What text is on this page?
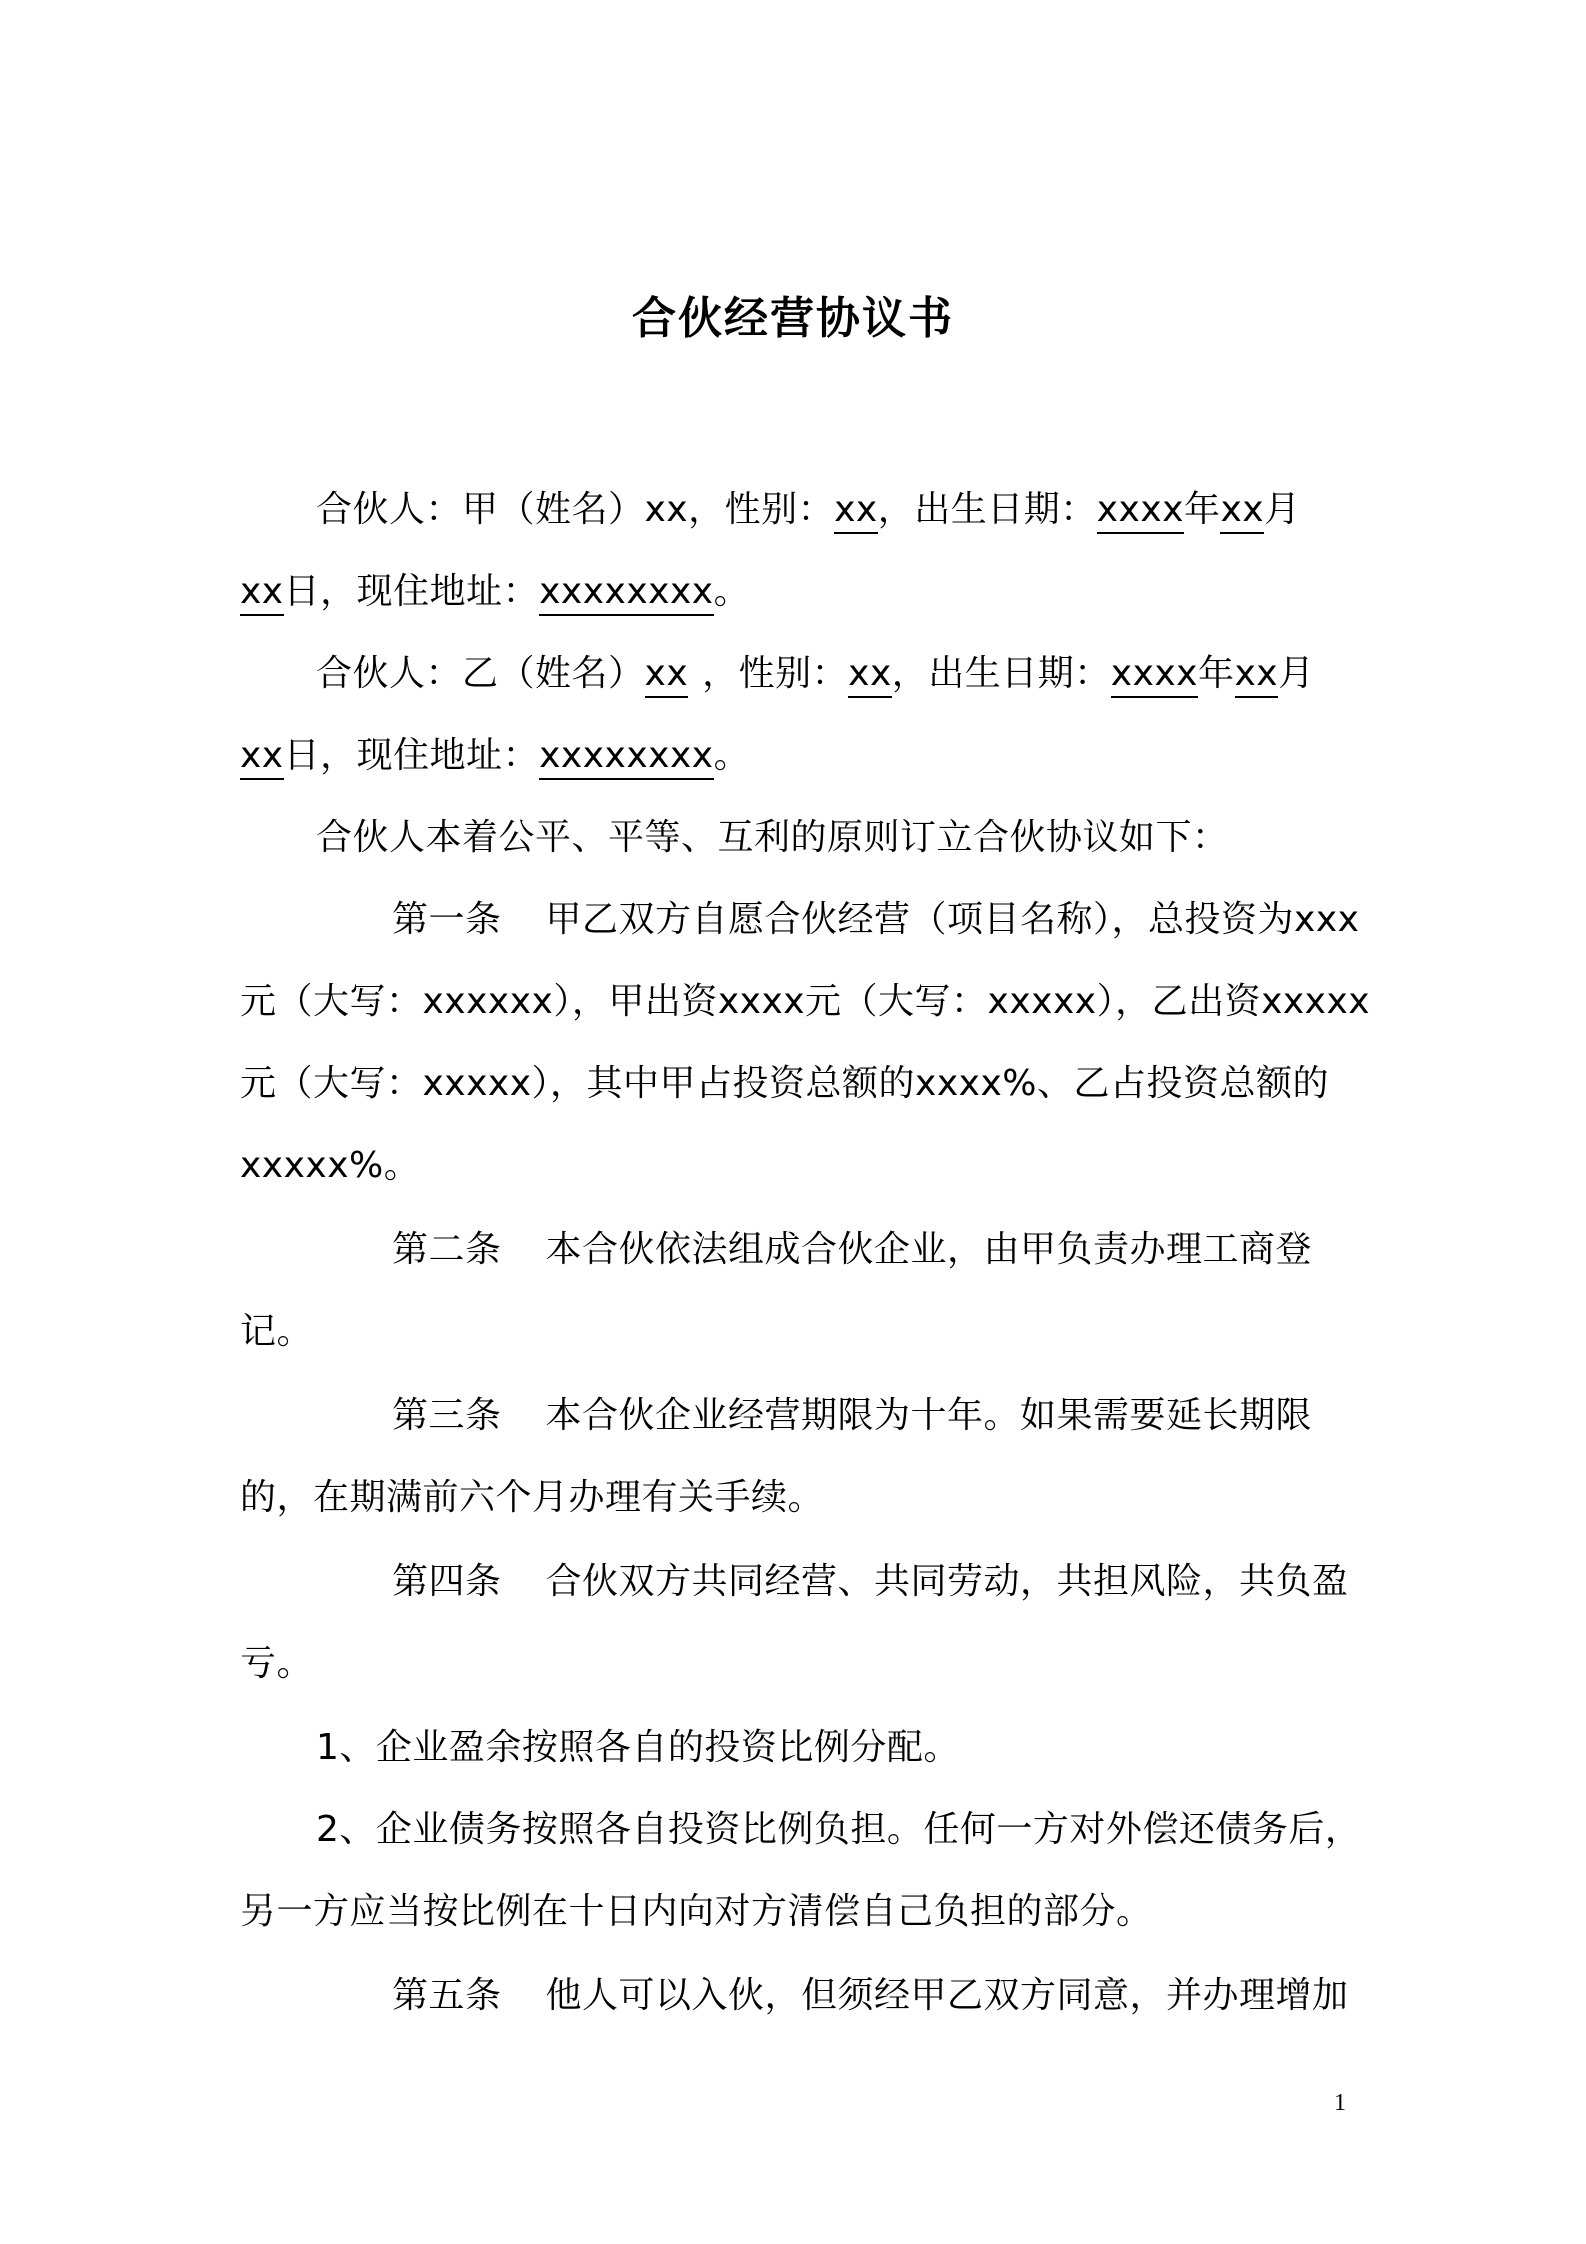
合伙经营协议书
合伙人：甲（姓名）xx，性别：xx，出生日期：xxxx年xx月
xx日，现住地址：xxxxxxxx。
合伙人：乙（姓名）xx ，性别：xx，出生日期：xxxx年xx月
xx日，现住地址：xxxxxxxx。
合伙人本着公平、平等、互利的原则订立合伙协议如下：
第一条 甲乙双方自愿合伙经营（项目名称），总投资为xxx
元（大写：xxxxxx），甲出资xxxx元（大写：xxxxx），乙出资xxxxx
元（大写：xxxxx），其中甲占投资总额的xxxx%、乙占投资总额的
xxxxx%。
第二条 本合伙依法组成合伙企业，由甲负责办理工商登
记。
第三条 本合伙企业经营期限为十年。如果需要延长期限
的，在期满前六个月办理有关手续。
第四条 合伙双方共同经营、共同劳动，共担风险，共负盈
亏。
1、企业盈余按照各自的投资比例分配。
2、企业债务按照各自投资比例负担。任何一方对外偿还债务后，
另一方应当按比例在十日内向对方清偿自己负担的部分。
第五条 他人可以入伙，但须经甲乙双方同意，并办理增加
1
